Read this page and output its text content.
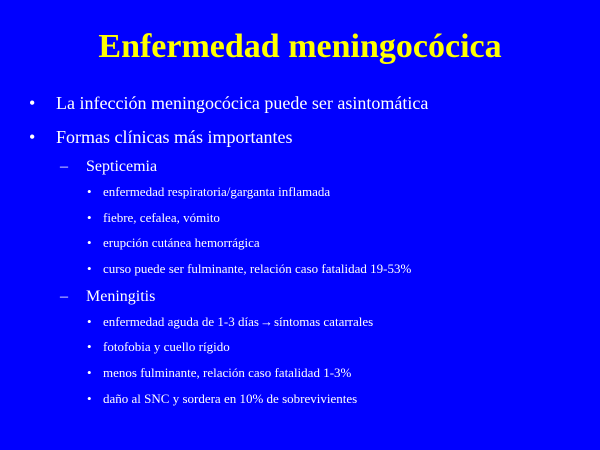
Enfermedad meningocócica
• La infección meningocócica puede ser asintomática
• Formas clínicas más importantes
– Septicemia
• enfermedad respiratoria/garganta inflamada
• fiebre, cefalea, vómito
• erupción cutánea hemorrágica
• curso puede ser fulminante, relación caso fatalidad 19-53%
– Meningitis
• enfermedad aguda de 1-3 días→síntomas catarrales
• fotofobia y cuello rígido
• menos fulminante, relación caso fatalidad 1-3%
• daño al SNC y sordera en 10% de sobrevivientes
